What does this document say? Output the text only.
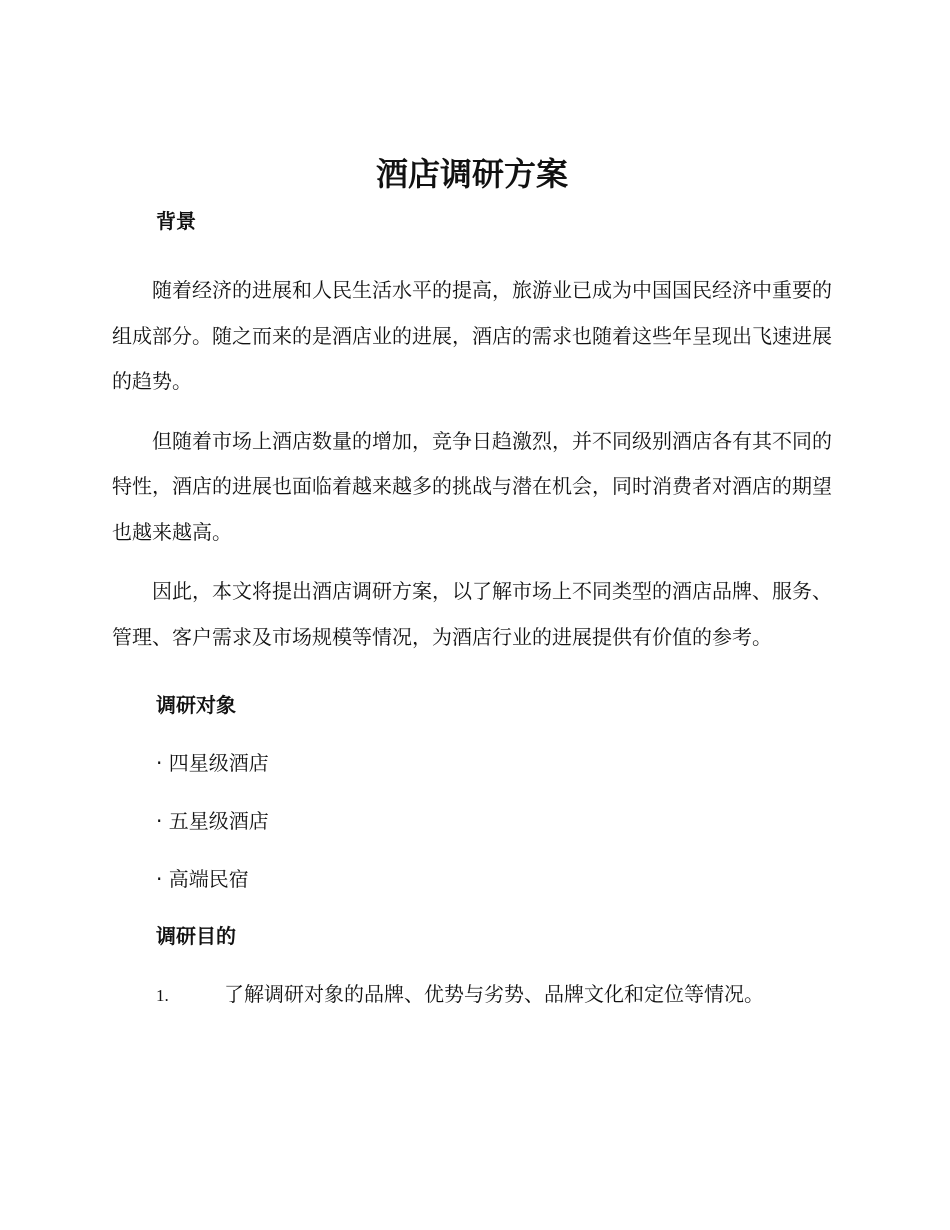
酒店调研方案
背景

随着经济的进展和人民生活水平的提高，旅游业已成为中国国民经济中重要的组成部分。随之而来的是酒店业的进展，酒店的需求也随着这些年呈现出飞速进展的趋势。

但随着市场上酒店数量的增加，竞争日趋激烈，并不同级别酒店各有其不同的特性，酒店的进展也面临着越来越多的挑战与潜在机会，同时消费者对酒店的期望也越来越高。

因此，本文将提出酒店调研方案，以了解市场上不同类型的酒店品牌、服务、管理、客户需求及市场规模等情况，为酒店行业的进展提供有价值的参考。

调研对象
· 四星级酒店
· 五星级酒店
· 高端民宿
调研目的
1.	了解调研对象的品牌、优势与劣势、品牌文化和定位等情况。
